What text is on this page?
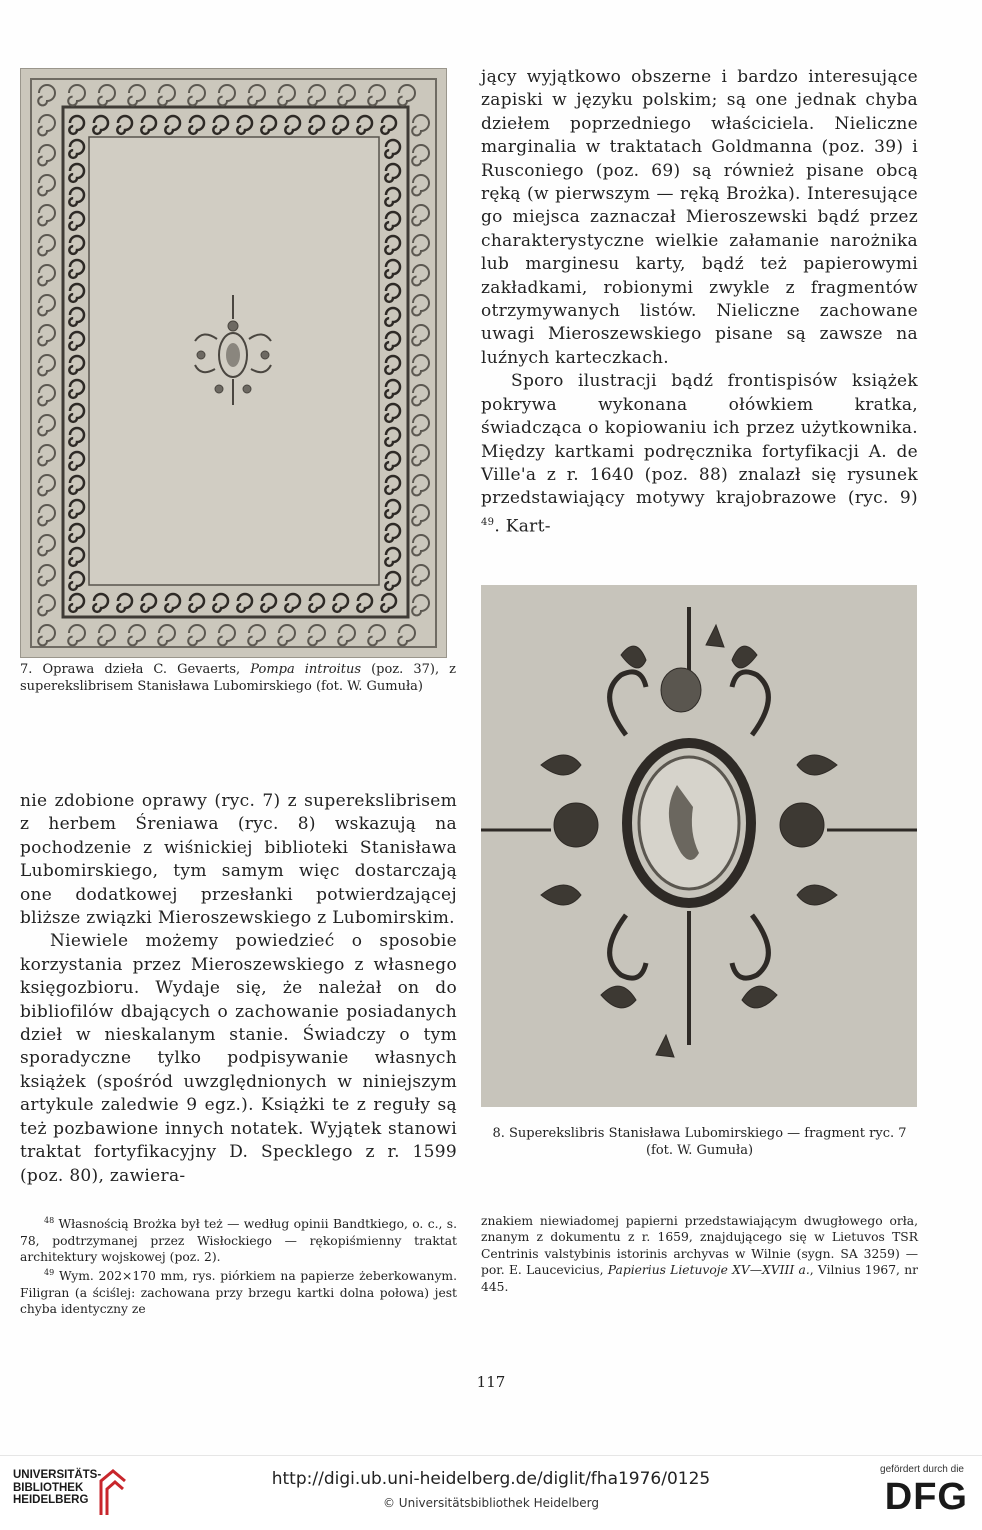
7. Oprawa dzieła C. Gevaerts, Pompa introitus (poz. 37), z superekslibrisem Stanisława Lubomirskiego (fot. W. Gumuła)

jący wyjątkowo obszerne i bardzo interesujące zapiski w języku polskim; są one jednak chyba dziełem poprzedniego właściciela. Nieliczne marginalia w traktatach Goldmanna (poz. 39) i Rusconiego (poz. 69) są również pisane obcą ręką (w pierwszym — ręką Brożka). Interesujące go miejsca zaznaczał Mieroszewski bądź przez charakterystyczne wielkie załamanie narożnika lub marginesu karty, bądź też papierowymi zakładkami, robionymi zwykle z fragmentów otrzymywanych listów. Nieliczne zachowane uwagi Mieroszewskiego pisane są zawsze na luźnych karteczkach.

Sporo ilustracji bądź frontispisów książek pokrywa wykonana ołówkiem kratka, świadcząca o kopiowaniu ich przez użytkownika. Między kartkami podręcznika fortyfikacji A. de Ville'a z r. 1640 (poz. 88) znalazł się rysunek przedstawiający motywy krajobrazowe (ryc. 9) $^{49}$. Kart-

8. Superekslibris Stanisława Lubomirskiego — fragment ryc. 7 (fot. W. Gumuła)

nie zdobione oprawy (ryc. 7) z superekslibrisem z herbem Śreniawa (ryc. 8) wskazują na pochodzenie z wiśnickiej biblioteki Stanisława Lubomirskiego, tym samym więc dostarczają one dodatkowej przesłanki potwierdzającej bliższe związki Mieroszewskiego z Lubomirskim.

Niewiele możemy powiedzieć o sposobie korzystania przez Mieroszewskiego z własnego księgozbioru. Wydaje się, że należał on do bibliofilów dbających o zachowanie posiadanych dzieł w nieskalanym stanie. Świadczy o tym sporadyczne tylko podpisywanie własnych książek (spośród uwzględnionych w niniejszym artykule zaledwie 9 egz.). Książki te z reguły są też pozbawione innych notatek. Wyjątek stanowi traktat fortyfikacyjny D. Specklego z r. 1599 (poz. 80), zawiera-

$^{48}$ Własnością Brożka był też — według opinii Bandtkiego, o. c., s. 78, podtrzymanej przez Wisłockiego — rękopiśmienny traktat architektury wojskowej (poz. 2).

$^{49}$ Wym. 202×170 mm, rys. piórkiem na papierze żeberkowanym. Filigran (a ściślej: zachowana przy brzegu kartki dolna połowa) jest chyba identyczny ze

znakiem niewiadomej papierni przedstawiającym dwugłowego orła, znanym z dokumentu z r. 1659, znajdującego się w Lietuvos TSR Centrinis valstybinis istorinis archyvas w Wilnie (sygn. SA 3259) — por. E. Laucevicius, Papierius Lietuvoje XV—XVIII a., Vilnius 1967, nr 445.

117
UNIVERSITÄTS-
BIBLIOTHEK
HEIDELBERG
http://digi.ub.uni-heidelberg.de/diglit/fha1976/0125
© Universitätsbibliothek Heidelberg
gefördert durch die
DFG
